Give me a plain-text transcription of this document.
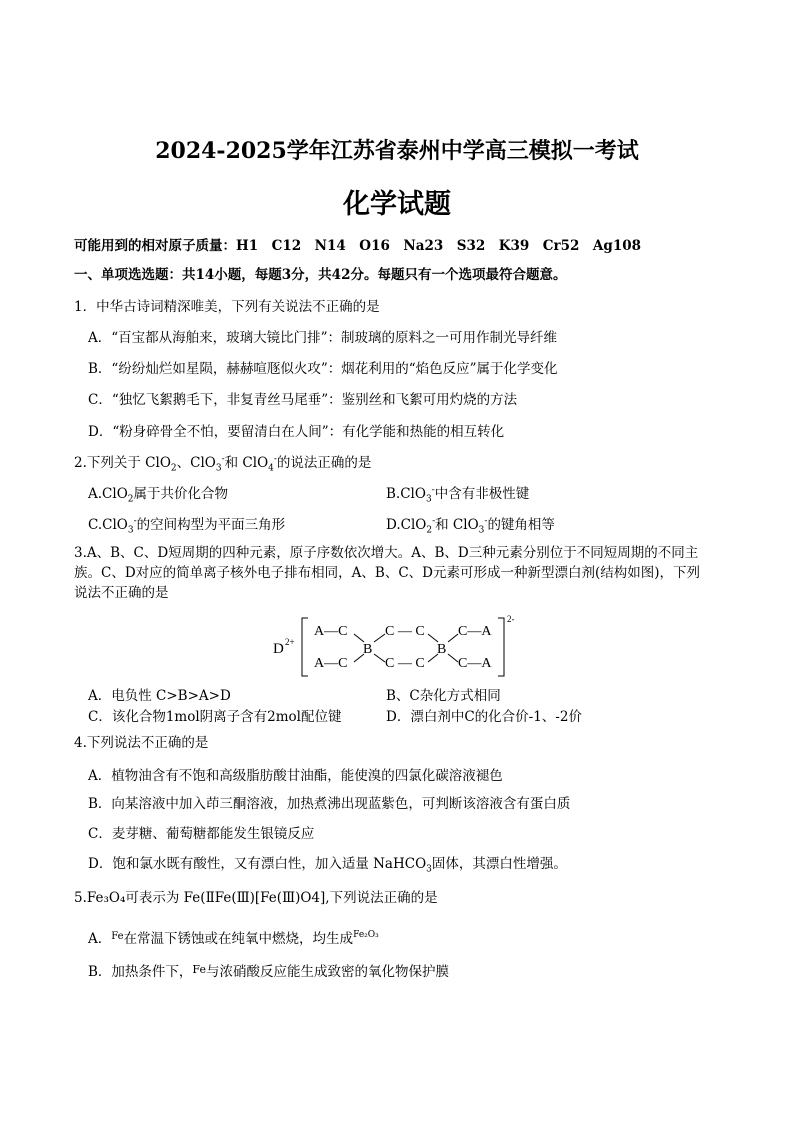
2024-2025学年江苏省泰州中学高三模拟一考试
化学试题
可能用到的相对原子质量：H1　C12　N14　O16　Na23　S32　K39　Cr52　Ag108
一、单项选选题：共14小题，每题3分，共42分。每题只有一个选项最符合题意。
1．中华古诗词精深唯美，下列有关说法不正确的是
A．“百宝都从海舶来，玻璃大镜比门排”：制玻璃的原料之一可用作制光导纤维
B．“纷纷灿烂如星陨，赫赫喧豗似火攻”：烟花利用的“焰色反应”属于化学变化
C．“独忆飞絮鹅毛下，非复青丝马尾垂”：鉴别丝和飞絮可用灼烧的方法
D．“粉身碎骨全不怕，要留清白在人间”：有化学能和热能的相互转化
2.下列关于 ClO$_2$、ClO$_3$-和 ClO$_4$-的说法正确的是
A.ClO$_2$属于共价化合物	B.ClO$_3$-中含有非极性键
C.ClO$_3$-的空间构型为平面三角形	D.ClO$_2$-和 ClO$_3$-的键角相等
3.A、B、C、D短周期的四种元素，原子序数依次增大。A、B、D三种元素分别位于不同短周期的不同主
族。C、D对应的简单离子核外电子排布相同，A、B、C、D元素可形成一种新型漂白剂(结构如图)，下列
说法不正确的是
D 2+
2-
A—C
A—C
B
C — C
C — C
B
C—A
C—A
A．电负性 C>B>A>D	B、C杂化方式相同
C．该化合物1mol阴离子含有2mol配位键	D．漂白剂中C的化合价-1、-2价
4.下列说法不正确的是
A．植物油含有不饱和高级脂肪酸甘油酯，能使溴的四氯化碳溶液褪色
B．向某溶液中加入茚三酮溶液，加热煮沸出现蓝紫色，可判断该溶液含有蛋白质
C．麦芽糖、葡萄糖都能发生银镜反应
D．饱和氯水既有酸性，又有漂白性，加入适量 NaHCO$_3$固体，其漂白性增强。
5.Fe₃O₄可表示为 Fe(ⅡFe(Ⅲ)[Fe(Ⅲ)O4],下列说法正确的是
A．$^{Fe}$在常温下锈蚀或在纯氧中燃烧，均生成$^{Fe_2O_3}$
B．加热条件下，$^{Fe}$与浓硝酸反应能生成致密的氧化物保护膜
